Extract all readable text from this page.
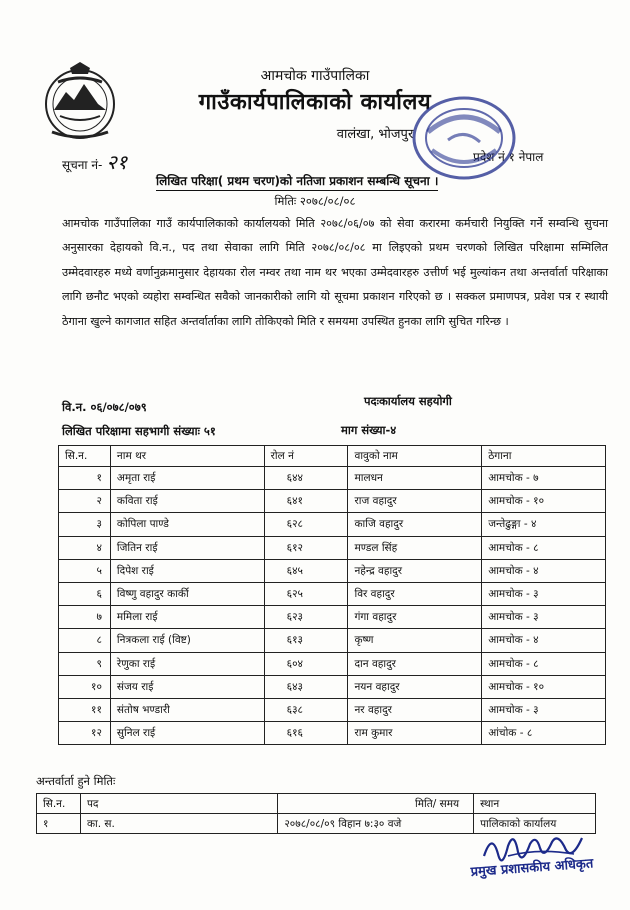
आमचोक गाउँपालिका
गाउँकार्यपालिकाको कार्यालय
वालंखा, भोजपुर
सूचना नं- २१	प्रदेश नं १ नेपाल
लिखित परिक्षा( प्रथम चरण)को नतिजा प्रकाशन सम्बन्धि सूचना ।
मितिः २०७८/०८/०८
आमचोक गाउँपालिका गाउँ कार्यपालिकाको कार्यालयको मिति २०७८/०६/०७ को सेवा करारमा कर्मचारी नियुक्ति गर्ने सम्वन्धि सुचना अनुसारका देहायको वि.न., पद तथा सेवाका लागि मिति २०७८/०८/०८ मा लिइएको प्रथम चरणको लिखित परिक्षामा सम्मिलित उम्मेदवारहरु मध्ये वर्णानुक्रमानुसार देहायका रोल नम्वर तथा नाम थर भएका उम्मेदवारहरु उत्तीर्ण भई मुल्यांकन तथा अन्तर्वार्ता परिक्षाका लागि छनौट भएको व्यहोरा सम्वन्धित सवैको जानकारीको लागि यो सूचमा प्रकाशन गरिएको छ । सक्कल प्रमाणपत्र, प्रवेश पत्र र स्थायी ठेगाना खुल्ने कागजात सहित अन्तर्वार्ताका लागि तोकिएको मिति र समयमा उपस्थित हुनका लागि सुचित गरिन्छ ।
वि.न. ०६/०७८/०७९	पदःकार्यालय सहयोगी
लिखित परिक्षामा सहभागी संख्याः ५१	माग संख्या-४
सि.न.	नाम थर	रोल नं	वावुको नाम	ठेगाना
१	अमृता राई	६४४	मालधन	आमचोक - ७
२	कविता राई	६४१	राज वहादुर	आमचोक - १०
३	कोपिला पाण्डे	६२८	काजि वहादुर	जन्तेढुङ्गा - ४
४	जितिन राई	६१२	मण्डल सिंह	आमचोक - ८
५	दिपेश राई	६४५	नहेन्द्र वहादुर	आमचोक - ४
६	विष्णु वहादुर कार्की	६२५	विर वहादुर	आमचोक - ३
७	ममिला राई	६२३	गंगा वहादुर	आमचोक - ३
८	नित्रकला राई (विष्ट)	६१३	कृष्ण	आमचोक - ४
९	रेणुका राई	६०४	दान वहादुर	आमचोक - ८
१०	संजय राई	६४३	नयन वहादुर	आमचोक - १०
११	संतोष भण्डारी	६३८	नर वहादुर	आमचोक - ३
१२	सुनिल राई	६१६	राम कुमार	आंचोक - ८
अन्तर्वार्ता हुने मितिः
सि.न.	पद	मिति/ समय	स्थान
१	का. स.	२०७८/०८/०९ विहान ७:३० वजे	पालिकाको कार्यालय
प्रमुख प्रशासकीय अधिकृत
